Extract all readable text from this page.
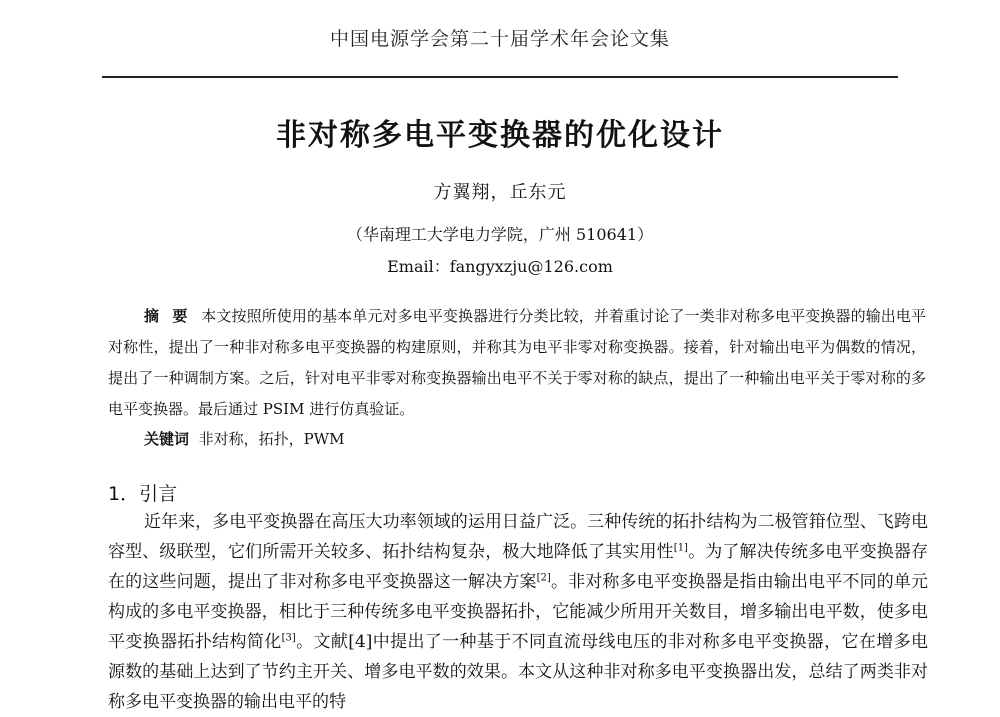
中国电源学会第二十届学术年会论文集
非对称多电平变换器的优化设计
方翼翔，丘东元
（华南理工大学电力学院，广州 510641）
Email：fangyxzju@126.com

摘 要 本文按照所使用的基本单元对多电平变换器进行分类比较，并着重讨论了一类非对称多电平变换器的输出电平对称性，提出了一种非对称多电平变换器的构建原则，并称其为电平非零对称变换器。接着，针对输出电平为偶数的情况，提出了一种调制方案。之后，针对电平非零对称变换器输出电平不关于零对称的缺点，提出了一种输出电平关于零对称的多电平变换器。最后通过 PSIM 进行仿真验证。

关键词 非对称，拓扑，PWM
1．引言

近年来，多电平变换器在高压大功率领域的运用日益广泛。三种传统的拓扑结构为二极管箝位型、飞跨电容型、级联型，它们所需开关较多、拓扑结构复杂，极大地降低了其实用性[1]。为了解决传统多电平变换器存在的这些问题，提出了非对称多电平变换器这一解决方案[2]。非对称多电平变换器是指由输出电平不同的单元构成的多电平变换器，相比于三种传统多电平变换器拓扑，它能减少所用开关数目，增多输出电平数，使多电平变换器拓扑结构简化[3]。文献[4]中提出了一种基于不同直流母线电压的非对称多电平变换器，它在增多电源数的基础上达到了节约主开关、增多电平数的效果。本文从这种非对称多电平变换器出发，总结了两类非对称多电平变换器的输出电平的特
